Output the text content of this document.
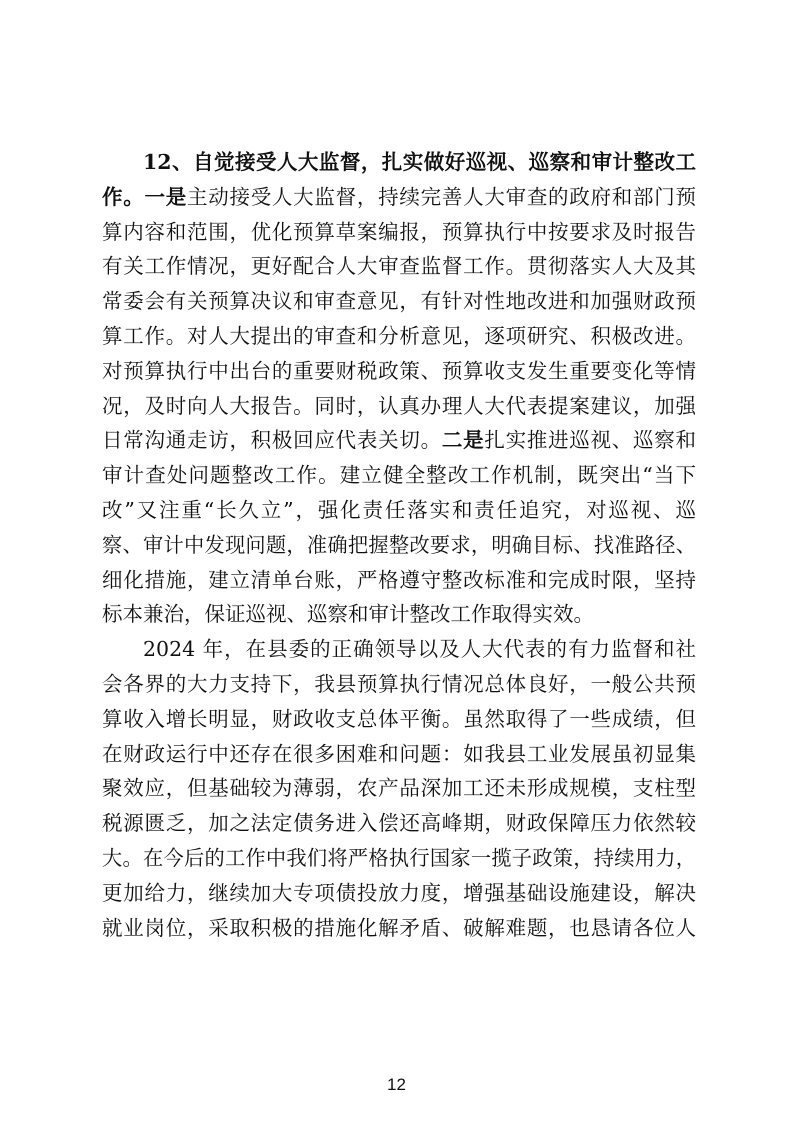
12、自觉接受人大监督，扎实做好巡视、巡察和审计整改工
作。一是主动接受人大监督，持续完善人大审查的政府和部门预
算内容和范围，优化预算草案编报，预算执行中按要求及时报告
有关工作情况，更好配合人大审查监督工作。贯彻落实人大及其
常委会有关预算决议和审查意见，有针对性地改进和加强财政预
算工作。对人大提出的审查和分析意见，逐项研究、积极改进。
对预算执行中出台的重要财税政策、预算收支发生重要变化等情
况，及时向人大报告。同时，认真办理人大代表提案建议，加强
日常沟通走访，积极回应代表关切。二是扎实推进巡视、巡察和
审计查处问题整改工作。建立健全整改工作机制，既突出“当下
改”又注重“长久立”，强化责任落实和责任追究，对巡视、巡
察、审计中发现问题，准确把握整改要求，明确目标、找准路径、
细化措施，建立清单台账，严格遵守整改标准和完成时限，坚持
标本兼治，保证巡视、巡察和审计整改工作取得实效。
2024 年，在县委的正确领导以及人大代表的有力监督和社
会各界的大力支持下，我县预算执行情况总体良好，一般公共预
算收入增长明显，财政收支总体平衡。虽然取得了一些成绩，但
在财政运行中还存在很多困难和问题：如我县工业发展虽初显集
聚效应，但基础较为薄弱，农产品深加工还未形成规模，支柱型
税源匮乏，加之法定债务进入偿还高峰期，财政保障压力依然较
大。在今后的工作中我们将严格执行国家一揽子政策，持续用力，
更加给力，继续加大专项债投放力度，增强基础设施建设，解决
就业岗位，采取积极的措施化解矛盾、破解难题，也恳请各位人
12
